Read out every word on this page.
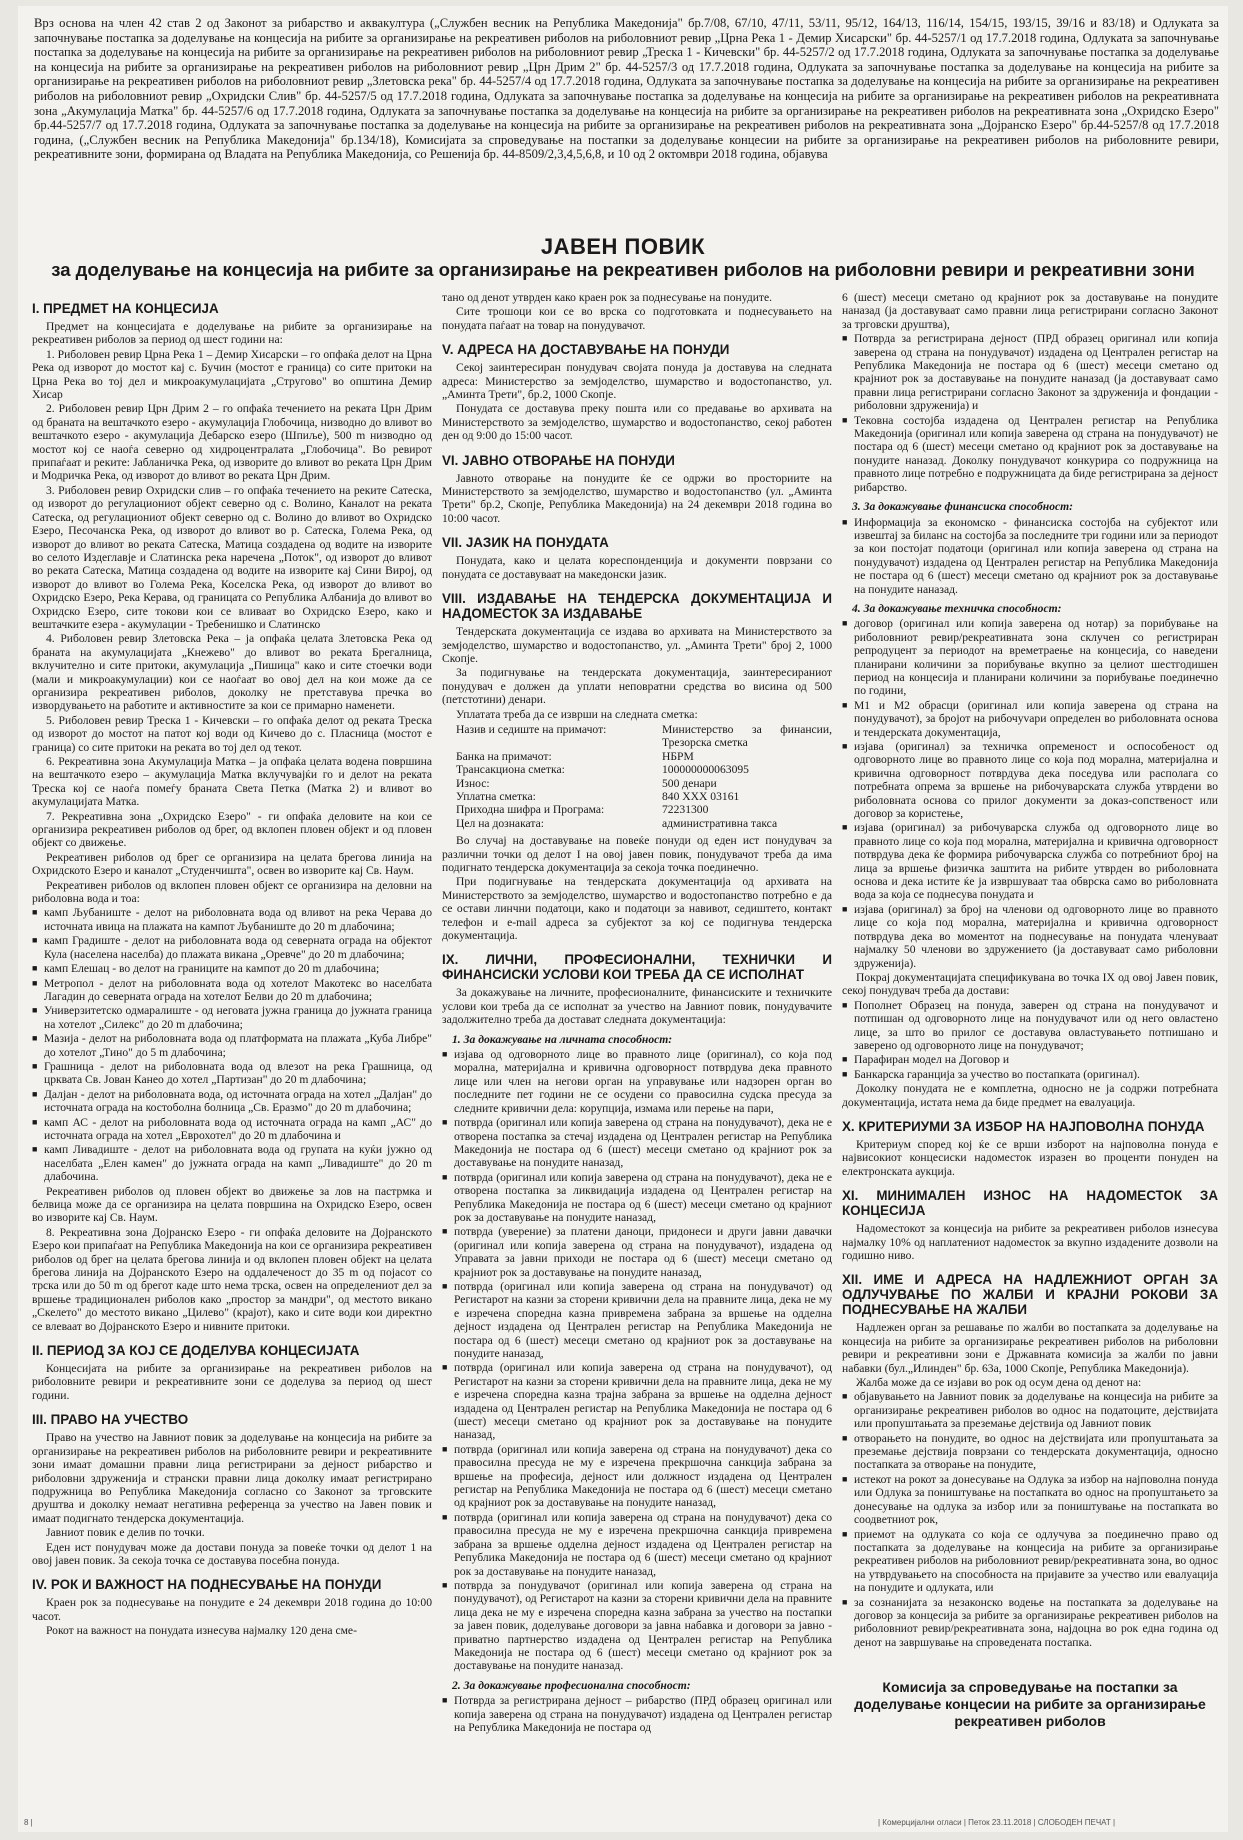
Врз основа на член 42 став 2 од Законот за рибарство и аквакултура („Службен весник на Република Македонија" бр.7/08, 67/10, 47/11, 53/11, 95/12, 164/13, 116/14, 154/15, 193/15, 39/16 и 83/18) и Одлуката за започнување постапка за доделување на концесија на рибите за организирање на рекреативен риболов на риболовниот ревир „Црна Река 1 - Демир Хисарски" бр. 44-5257/1 од 17.7.2018 година, Одлуката за започнување постапка за доделување на концесија на рибите за организирање на рекреативен риболов на риболовниот ревир „Треска 1 - Кичевски" бр. 44-5257/2 од 17.7.2018 година, Одлуката за започнување постапка за доделување на концесија на рибите за организирање на рекреативен риболов на риболовниот ревир „Црн Дрим 2" бр. 44-5257/3 од 17.7.2018 година, Одлуката за започнување постапка за доделување на концесија на рибите за организирање на рекреативен риболов на риболовниот ревир „Злетовска река" бр. 44-5257/4 од 17.7.2018 година, Одлуката за започнување постапка за доделување на концесија на рибите за организирање на рекреативен риболов на риболовниот ревир „Охридски Слив" бр. 44-5257/5 од 17.7.2018 година, Одлуката за започнување постапка за доделување на концесија на рибите за организирање на рекреативен риболов на рекреативната зона „Акумулација Матка" бр. 44-5257/6 од 17.7.2018 година, Одлуката за започнување постапка за доделување на концесија на рибите за организирање на рекреативен риболов на рекреативната зона „Охридско Езеро" бр.44-5257/7 од 17.7.2018 година, Одлуката за започнување постапка за доделување на концесија на рибите за организирање на рекреативен риболов на рекреативната зона „Дојранско Езеро" бр.44-5257/8 од 17.7.2018 година, („Службен весник на Република Македонија" бр.134/18), Комисијата за спроведување на постапки за доделување концесии на рибите за организирање на рекреативен риболов на риболовните ревири, рекреативните зони, формирана од Владата на Република Македонија, со Решенија бр. 44-8509/2,3,4,5,6,8, и 10 од 2 октомври 2018 година, објавува
ЈАВЕН ПОВИК
за доделување на концесија на рибите за организирање на рекреативен риболов на риболовни ревири и рекреативни зони
I. ПРЕДМЕТ НА КОНЦЕСИЈА
Предмет на концесијата е доделување на рибите за организирање на рекреативен риболов за период од шест години на:
1. Риболовен ревир Црна Река 1 – Демир Хисарски – го опфаќа делот на Црна Река од изворот до мостот кај с. Бучин (мостот е граница) со сите притоки на Црна Река во тој дел и микроакумулацијата „Струговo" во општина Демир Хисар
2. Риболовен ревир Црн Дрим 2 – го опфаќа течението на реката Црн Дрим од браната на вештачкото езеро - акумулација Глобочица, низводно до вливот во вештачкото езеро - акумулација Дебарско езеро (Шпиље), 500 m низводно од мостот кој се наоѓа северно од хидроцентралата „Глобочица". Во ревирот припаѓаат и реките: Јабланичка Река, од изворите до вливот во реката Црн Дрим и Модричка Река, од изворот до вливот во реката Црн Дрим.
3. Риболовен ревир Охридски слив – го опфаќа течението на реките Сатеска, од изворот до регулациониот објект северно од с. Волино, Каналот на реката Сатеска, од регулациониот објект северно од с. Волино до вливот во Охридско Езеро, Песочанска Река, од изворот до вливот во р. Сатеска, Голема Река, од изворот до вливот во реката Сатеска, Матица создадена од водите на изворите во селото Издеглавје и Слатинска река наречена „Поток", од изворот до вливот во реката Сатеска, Матица создадена од водите на изворите кај Сини Вирој, од изворот до вливот во Голема Река, Коселска Река, од изворот до вливот во Охридско Езеро, Река Керава, од границата со Република Албанија до вливот во Охридско Езеро, сите токови кои се вливаат во Охридско Езеро, како и вештачките езера - акумулации - Требенишко и Слатинско
4. Риболовен ревир Злетовска Река – ја опфаќа целата Злетовска Река од браната на акумулацијата „Кнежево" до вливот во реката Брегалница, вклучително и сите притоки, акумулација „Пишица" како и сите стоечки води (мали и микроакумулации) кои се наоѓаат во овој дел на кои може да се организира рекреативен риболов, доколку не претставува пречка во извордувањето на работите и активностите за кои се примарно наменети.
5. Риболовен ревир Треска 1 - Кичевски – го опфаќа делот од реката Треска од изворот до мостот на патот кој води од Кичево до с. Пласница (мостот е граница) со сите притоки на реката во тој дел од текот.
6. Рекреативна зона Акумулација Матка – ја опфаќа целата водена површина на вештачкото езеро – акумулација Матка вклучувајќи го и делот на реката Треска кој се наоѓа помеѓу браната Света Петка (Матка 2) и вливот во акумулацијата Матка.
7. Рекреативна зона „Охридско Езеро" - ги опфаќа деловите на кои се организира рекреативен риболов од брег, од вклопен пловен објект и од пловен објект со движење.
Рекреативен риболов од брег се организира на целата брегова линија на Охридското Езеро и каналот „Студенчишта", освен во изворите кај Св. Наум.
Рекреативен риболов од вклопен пловен објект се организира на деловни на риболовна вода и тоа:
■ камп Љубаниште - делот на риболовната вода од вливот на река Черава до источната ивица на плажата на кампот Љубаниште до 20 m длабочина;
■ камп Градиште - делот на риболовната вода од северната ограда на објектот Кула (населена населба) до плажата викана „Оревче" до 20 m длабочина;
■ камп Елешац - во делот на границите на кампот до 20 m длабочина;
■ Метропол - делот на риболовната вода од хотелот Макотекс во населбата Лагадин до северната ограда на хотелот Белви до 20 m длабочина;
■ Универзитетско одмаралиште - од неговата јужна граница до јужната граница на хотелот „Силекс" до 20 m длабочина;
■ Мазија - делот на риболовната вода од платформата на плажата „Куба Либре" до хотелот „Тино" до 5 m длабочина;
■ Грашница - делот на риболовната вода од влезот на река Грашница, од црквата Св. Јован Канео до хотел „Партизан" до 20 m длабочина;
■ Далјан - делот на риболовната вода, од источната ограда на хотел „Далјан" до источната ограда на костоболна болница „Св. Еразмо" до 20 m длабочина;
■ камп АС - делот на риболовната вода од источната ограда на камп „АС" до источната ограда на хотел „Еврохотел" до 20 m длабочина и
■ камп Ливадиште - делот на риболовната вода од групата на куќи јужно од населбата „Елен камен" до јужната ограда на камп „Ливадиште" до 20 m длабочина.
Рекреативен риболов од пловен објект во движење за лов на пастрмка и белвица може да се организира на целата површина на Охридско Езеро, освен во изворите кај Св. Наум.
8. Рекреативна зона Дојранско Езеро - ги опфаќа деловите на Дојранското Езеро кои припаѓаат на Република Македонија на кои се организира рекреативен риболов од брег на целата брегова линија и од вклопен пловен објект на целата брегова линија на Дојранското Езеро на оддалеченост до 35 m од појасот со трска или до 50 m од брегот каде што нема трска, освен на определениот дел за вршење традиционален риболов како „простор за мандри", од местото викано „Скелето" до местото викано „Цилево" (крајот), како и сите води кои директно се влеваат во Дојранското Езеро и нивните притоки.
II. ПЕРИОД ЗА КОЈ СЕ ДОДЕЛУВА КОНЦЕСИЈАТА
Концесијата на рибите за организирање на рекреативен риболов на риболовните ревири и рекреативните зони се доделува за период од шест години.
III. ПРАВО НА УЧЕСТВО
Право на учество на Јавниот повик за доделување на концесија на рибите за организирање на рекреативен риболов на риболовните ревири и рекреативните зони имаат домашни правни лица регистрирани за дејност рибарство и риболовни здружениja и странски правни лица доколку имаат регистрирано подружница во Република Македонија согласно со Законот за трговските друштва и доколку немаат негативна референца за учество на Јавен повик и имаат подигнато тендерска документација.
Јавниот повик е делив по точки.
Еден ист понудувач може да достави понуда за повеќе точки од делот 1 на овој јавен повик. За секоја точка се доставува посебна понуда.
IV. РОК И ВАЖНОСТ НА ПОДНЕСУВАЊЕ НА ПОНУДИ
Краен рок за поднесување на понудите е 24 декември 2018 година до 10:00 часот.
Рокот на важност на понудата изнесува најмалку 120 дена сме-
тано од денот утврден како краен рок за поднесување на понудите.
Сите трошоци кои се во врска со подготовката и поднесувањето на понудата паѓаат на товар на понудувачот.
V. АДРЕСА НА ДОСТАВУВАЊЕ НА ПОНУДИ
Секој заинтересиран понудувач својата понуда ја доставува на следната адреса: Министерство за земјоделство, шумарство и водостопанство, ул. „Аминта Трети", бр.2, 1000 Скопје.
Понудата се доставува преку пошта или со предавање во архивата на Министерството за земјоделство, шумарство и водостопанство, секој работен ден од 9:00 до 15:00 часот.
VI. ЈАВНО ОТВОРАЊЕ НА ПОНУДИ
Јавното отворање на понудите ќе се одржи во просториите на Министерството за земјоделство, шумарство и водостопанство (ул. „Аминта Трети" бр.2, Скопје, Република Македонија) на 24 декември 2018 година во 10:00 часот.
VII. ЈАЗИК НА ПОНУДАТА
Понудата, како и целата кореспонденција и документи поврзани со понудата се доставуваат на македонски јазик.
VIII. ИЗДАВАЊЕ НА ТЕНДЕРСКА ДОКУМЕНТАЦИЈА И НАДОМЕСТОК ЗА ИЗДАВАЊЕ
Тендерската документација се издава во архивата на Министерството за земјоделство, шумарство и водостопанство, ул. „Аминта Трети" број 2, 1000 Скопје.
За подигнување на тендерската документација, заинтересираниот понудувач е должен да уплати неповратни средства во висина од 500 (петстотини) денари.
Уплатата треба да се изврши на следната сметка:
Назив и седиште на примачот:	Министерство за финансии, Трезорска сметка
Банка на примачот:	НБРМ
Трансакциона сметка:	100000000063095
Износ:	500 денари
Уплатна сметка:	840 XXX 03161
Приходна шифра и Програма:	72231300
Цел на дознаката:	административна такса
Во случај на доставување на повеќе понуди од еден ист понудувач за различни точки од делот I на овој јавен повик, понудувачот треба да има подигнато тендерска документација за секоја точка поединечно.
При подигнување на тендерската документација од архивата на Министерството за земјоделство, шумарство и водостопанство потребно е да се остави линчни податоци, како и податоци за навивот, седиштето, контакт телефон и e-mail адреса за субјектот за кој се подигнува тендерска документација.
IX. ЛИЧНИ, ПРОФЕСИОНАЛНИ, ТЕХНИЧКИ И ФИНАНСИСКИ УСЛОВИ КОИ ТРЕБА ДА СЕ ИСПОЛНАТ
За докажување на личните, професионалните, финансиските и техничките услови кои треба да се исполнат за учество на Јавниот повик, понудувачите задолжително треба да достават следната документација:
1. За докажување на личната способност:
■ изјава од одговорното лице во правното лице (оригинал), со која под морална, материјална и кривична одговорност потврдува дека правното лице или член на негови орган на управување или надзорен орган во последните пет години не се осудени со правосилна судска пресуда за следните кривични дела: корупција, измама или перење на пари,
■ потврда (оригинал или копија заверена од страна на понудувачот), дека не е отворена постапка за стечај издадена од Централен регистар на Република Македонија не постара од 6 (шест) месеци сметано од крајниот рок за доставување на понудите наназад,
■ потврда (оригинал или копија заверена од страна на понудувачот), дека не е отворена постапка за ликвидација издадена од Централен регистар на Република Македонија не постара од 6 (шест) месеци сметано од крајниот рок за доставување на понудите наназад,
■ потврда (уверение) за платени даноци, придонеси и други јавни давачки (оригинал или копија заверена од страна на понудувачот), издадена од Управата за јавни приходи не постара од 6 (шест) месеци сметано од крајниот рок за доставување на понудите наназад,
■ потврда (оригинал или копија заверена од страна на понудувачот) од Регистарот на казни за сторени кривични дела на правните лица, дека не му е изречена споредна казна привремена забрана за вршење на одделна дејност издадена од Централен регистар на Република Македонија не постара од 6 (шест) месеци сметано од крајниот рок за доставување на понудите наназад,
■ потврда (оригинал или копија заверена од страна на понудувачот), од Регистарот на казни за сторени кривични дела на правните лица, дека не му е изречена споредна казна трајна забрана за вршење на одделна дејност издадена од Централен регистар на Република Македонија не постара од 6 (шест) месеци сметано од крајниот рок за доставување на понудите наназад,
■ потврда (оригинал или копија заверена од страна на понудувачот) дека со правосилна пресуда не му е изречена прекршочна санкција забрана за вршење на професија, дејност или должност издадена од Централен регистар на Република Македонија не постара од 6 (шест) месеци сметано од крајниот рок за доставување на понудите наназад,
■ потврда (оригинал или копија заверена од страна на понудувачот) дека со правосилна пресуда не му е изречена прекршочна санкција привремена забрана за вршење одделна дејност издадена од Централен регистар на Република Македонија не постара од 6 (шест) месеци сметано од крајниот рок за доставување на понудите наназад,
■ потврда за понудувачот (оригинал или копија заверена од страна на понудувачот), од Регистарот на казни за сторени кривични дела на правните лица дека не му е изречена споредна казна забрана за учество на постапки за јавен повик, доделување договори за јавна набавка и договори за јавно - приватно партнерство издадена од Централен регистар на Република Македонија не постара од 6 (шест) месеци сметано од крајниот рок за доставување на понудите наназад.
2. За докажување професионална способност:
■ Потврда за регистрирана дејност – рибарство (ПРД образец оригинал или копија заверена од страна на понудувачот) издадена од Централен регистар на Република Македонија не постара од
6 (шест) месеци сметано од крајниот рок за доставување на понудите наназад (ја доставуваат само правни лица регистрирани согласно Законот за трговски друштва),
■ Потврда за регистрирана дејност (ПРД образец оригинал или копија заверена од страна на понудувачот) издадена од Централен регистар на Република Македонија не постара од 6 (шест) месеци сметано од крајниот рок за доставување на понудите наназад (ја доставуваат само правни лица регистрирани согласно Законот за здруженија и фондации - риболовни здруженија) и
■ Тековна состојба издадена од Централен регистар на Република Македонија (оригинал или копија заверена од страна на понудувачот) не постара од 6 (шест) месеци сметано од крајниот рок за доставување на понудите наназад. Доколку понудувачот конкурира со подружница на правното лице потребно е подружницата да биде регистрирана за дејност рибарство.
3. За докажување финансиска способност:
■ Информација за економско - финансиска состојба на субјектот или извештај за биланс на состојба за последните три години или за периодот за кои постојат податоци (оригинал или копија заверена од страна на понудувачот) издадена од Централен регистар на Република Македонија не постара од 6 (шест) месеци сметано од крајниот рок за доставување на понудите наназад.
4. За докажување техничка способност:
■ договор (оригинал или копија заверена од нотар) за порибување на риболовниот ревир/рекреативната зона склучен со регистриран репродуцент за периодот на времетраење на концесија, со наведени планирани количини за порибување вкупно за целиот шестгодишен период на концесија и планирани количини за порибување поединечно по години,
■ М1 и М2 обрасци (оригинал или копија заверена од страна на понудувачот), за бројот на рибочуvари определен во риболовната основа и тендерската документација,
■ изјава (оригинал) за техничка опременост и оспособеност од одговорното лице во правното лице со која под морална, материјална и кривична одговорност потврдува дека поседува или располага со потребната опрема за вршење на рибочуварската служба утврдени во риболовната основа со прилог документи за доказ-сопственост или договор за користење,
■ изјава (оригинал) за рибочуварска служба од одговорното лице во правното лице со која под морална, материјална и кривична одговорност потврдува дека ќе формира рибочуварска служба со потребниот број на лица за вршење физичка заштита на рибите утврден во риболовната основа и дека истите ќе ја извршуваат таа обврска само во риболовната вода за која се поднесува понудата и
■ изјава (оригинал) за број на членови од одговорното лице во правното лице со која под морална, материјална и кривична одговорност потврдува дека во моментот на поднесување на понудата членуваат најмалку 50 членови во здружението (ја доставуваат само риболовни здруженија).
Покрај документацијата спецификувана во точка IX од овој Јавен повик, секој понудувач треба да достави:
■ Пополнет Образец на понуда, заверен од страна на понудувачот и потпишан од одговорното лице на понудувачот или од него овластено лице, за што во прилог се доставува овластувањето потпишано и заверено од одговорното лице на понудувачот;
■ Парафиран модел на Договор и
■ Банкарска гаранција за учество во постапката (оригинал).
Доколку понудата не е комплетна, односно не ја содржи потребната документација, истата нема да биде предмет на евалуација.
X. КРИТЕРИУМИ ЗА ИЗБОР НА НАЈПОВОЛНА ПОНУДА
Критериум според кој ќе се врши изборот на најповолна понуда е највисокиот концесиски надоместок изразен во проценти понуден на електронската аукција.
XI. МИНИМАЛЕН ИЗНОС НА НАДОМЕСТОК ЗА КОНЦЕСИЈА
Надоместокот за концесија на рибите за рекреативен риболов изнесува најмалку 10% од наплатениот надоместок за вкупно издадените дозволи на годишно ниво.
XII. ИМЕ И АДРЕСА НА НАДЛЕЖНИОТ ОРГАН ЗА ОДЛУЧУВАЊЕ ПО ЖАЛБИ И КРАЈНИ РОКОВИ ЗА ПОДНЕСУВАЊЕ НА ЖАЛБИ
Надлежен орган за решавање по жалби во постапката за доделување на концесија на рибите за организирање рекреативен риболов на риболовни ревири и рекреативни зони е Државната комисија за жалби по јавни набавки (бул.„Илинден" бр. 63а, 1000 Скопје, Република Македонија).
Жалба може да се изјави во рок од осум дена од денот на:
■ објавувањето на Јавниот повик за доделување на концесија на рибите за организирање рекреативен риболов во однос на податоците, дејствијата или пропуштањата за преземање дејствија од Јавниот повик
■ отворањето на понудите, во однос на дејствијата или пропуштањата за преземање дејствија поврзани со тендерската документација, односно постапката за отворање на понудите,
■ истекот на рокот за донесување на Одлука за избор на најповолна понуда или Одлука за поништување на постапката во однос на пропуштањето за донесување на одлука за избор или за поништување на постапката во соодветниот рок,
■ приемот на одлуката со која се одлучува за поединечно право од постапката за доделување на концесија на рибите за организирање рекреативен риболов на риболовниот ревир/рекреативната зона, во однос на утврдувањето на способноста на пријавите за учество или евалуација на понудите и одлуката, или
■ за сознанијата за незаконско водење на постапката за доделување на договор за концесија за рибите за организирање рекреативен риболов на риболовниот ревир/рекреативната зона, најдоцна во рок една година од денот на завршување на спроведената постапка.
Комисија за спроведување на постапки за доделување концесии на рибите за организирање рекреативен риболов
8 |	| Комерцијални огласи | Петок 23.11.2018 | СЛОБОДЕН ПЕЧАТ |
